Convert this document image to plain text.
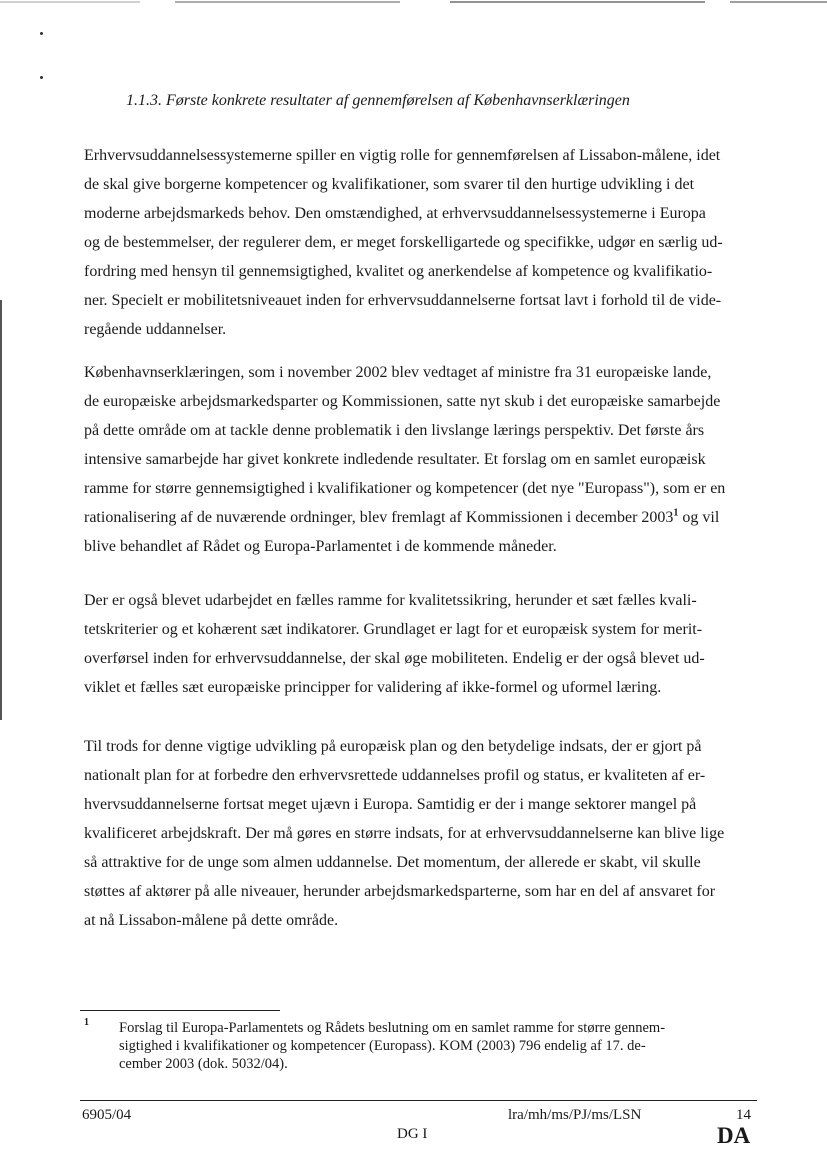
1.1.3. Første konkrete resultater af gennemførelsen af Københavnserklæringen
Erhvervsuddannelsessystemerne spiller en vigtig rolle for gennemførelsen af Lissabon-målene, idet
de skal give borgerne kompetencer og kvalifikationer, som svarer til den hurtige udvikling i det
moderne arbejdsmarkeds behov. Den omstændighed, at erhvervsuddannelsessystemerne i Europa
og de bestemmelser, der regulerer dem, er meget forskelligartede og specifikke, udgør en særlig ud-
fordring med hensyn til gennemsigtighed, kvalitet og anerkendelse af kompetence og kvalifikatio-
ner. Specielt er mobilitetsniveauet inden for erhvervsuddannelserne fortsat lavt i forhold til de vide-
regående uddannelser.
Københavnserklæringen, som i november 2002 blev vedtaget af ministre fra 31 europæiske lande,
de europæiske arbejdsmarkedsparter og Kommissionen, satte nyt skub i det europæiske samarbejde
på dette område om at tackle denne problematik i den livslange lærings perspektiv. Det første års
intensive samarbejde har givet konkrete indledende resultater. Et forslag om en samlet europæisk
ramme for større gennemsigtighed i kvalifikationer og kompetencer (det nye "Europass"), som er en
rationalisering af de nuværende ordninger, blev fremlagt af Kommissionen i december 2003$^1$ og vil
blive behandlet af Rådet og Europa-Parlamentet i de kommende måneder.
Der er også blevet udarbejdet en fælles ramme for kvalitetssikring, herunder et sæt fælles kvali-
tetskriterier og et kohærent sæt indikatorer. Grundlaget er lagt for et europæisk system for merit-
overførsel inden for erhvervsuddannelse, der skal øge mobiliteten. Endelig er der også blevet ud-
viklet et fælles sæt europæiske principper for validering af ikke-formel og uformel læring.
Til trods for denne vigtige udvikling på europæisk plan og den betydelige indsats, der er gjort på
nationalt plan for at forbedre den erhvervsrettede uddannelses profil og status, er kvaliteten af er-
hvervsuddannelserne fortsat meget ujævn i Europa. Samtidig er der i mange sektorer mangel på
kvalificeret arbejdskraft. Der må gøres en større indsats, for at erhvervsuddannelserne kan blive lige
så attraktive for de unge som almen uddannelse. Det momentum, der allerede er skabt, vil skulle
støttes af aktører på alle niveauer, herunder arbejdsmarkedsparterne, som har en del af ansvaret for
at nå Lissabon-målene på dette område.
1 Forslag til Europa-Parlamentets og Rådets beslutning om en samlet ramme for større gennem-
sigtighed i kvalifikationer og kompetencer (Europass). KOM (2003) 796 endelig af 17. de-
cember 2003 (dok. 5032/04).
6905/04	lra/mh/ms/PJ/ms/LSN	14
DG I	DA
